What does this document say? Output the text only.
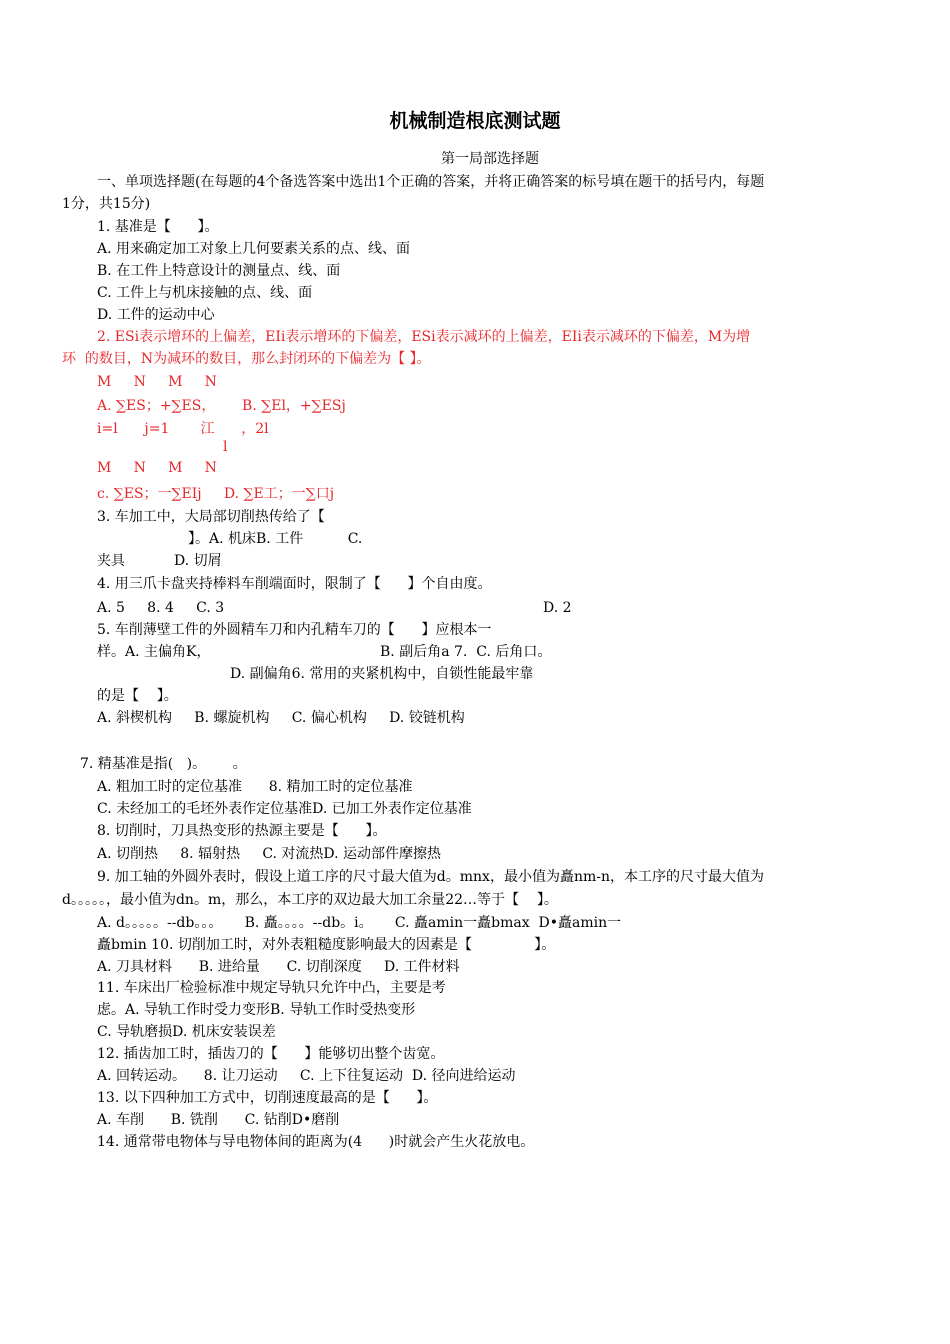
机械制造根底测试题
第一局部选择题
一、单项选择题(在每题的4个备选答案中选出1个正确的答案，并将正确答案的标号填在题干的括号内，每题
1分，共15分)
1. 基准是【      】。
A. 用来确定加工对象上几何要素关系的点、线、面
B. 在工件上特意设计的测量点、线、面
C. 工件上与机床接触的点、线、面
D. 工件的运动中心
2. ESi表示增环的上偏差，EIi表示增环的下偏差，ESi表示减环的上偏差，EIi表示减环的下偏差，M为增
环  的数目，N为减环的数目，那么封闭环的下偏差为【 】。
M     N     M     N
A. ∑ES；+∑ES，      B. ∑El，+∑ESj
i=l      j=1       江      ，2l
l
M     N     M     N
c. ∑ES；一∑EIj     D. ∑E工；一∑口j
3. 车加工中，大局部切削热传给了【
】。A. 机床B. 工件          C.
夹具           D. 切屑
4. 用三爪卡盘夹持棒料车削端面时，限制了【      】个自由度。
A. 5     8. 4     C. 3	D. 2
5. 车削薄壁工件的外圆精车刀和内孔精车刀的【      】应根本一
样。A. 主偏角K，	B. 副后角a 7.  C. 后角口。
D. 副偏角6. 常用的夹紧机构中，自锁性能最牢靠
的是【    】。
A. 斜楔机构     B. 螺旋机构     C. 偏心机构     D. 铰链机构
7. 精基准是指(   )。      。
A. 粗加工时的定位基准      8. 精加工时的定位基准
C. 未经加工的毛坯外表作定位基准D. 已加工外表作定位基准
8. 切削时，刀具热变形的热源主要是【      】。
A. 切削热     8. 辐射热     C. 对流热D. 运动部件摩擦热
9. 加工轴的外圆外表时，假设上道工序的尺寸最大值为d。mnx，最小值为矗nm-n，本工序的尺寸最大值为
d。。。。。，最小值为dn。m，那么，本工序的双边最大加工余量22…等于【    】。
A. d。。。。。--db。。。     B. 矗。。。。--db。i。     C. 矗amin一矗bmax  D•矗amin一
矗bmin 10. 切削加工时，对外表粗糙度影响最大的因素是【              】。
A. 刀具材料      B. 进给量      C. 切削深度     D. 工件材料
11. 车床出厂检验标准中规定导轨只允许中凸，主要是考
虑。A. 导轨工作时受力变形B. 导轨工作时受热变形
C. 导轨磨损D. 机床安装误差
12. 插齿加工时，插齿刀的【      】能够切出整个齿宽。
A. 回转运动。    8. 让刀运动     C. 上下往复运动  D. 径向进给运动
13. 以下四种加工方式中，切削速度最高的是【      】。
A. 车削      B. 铣削      C. 钻削D•磨削
14. 通常带电物体与导电物体间的距离为(4      )时就会产生火花放电。
